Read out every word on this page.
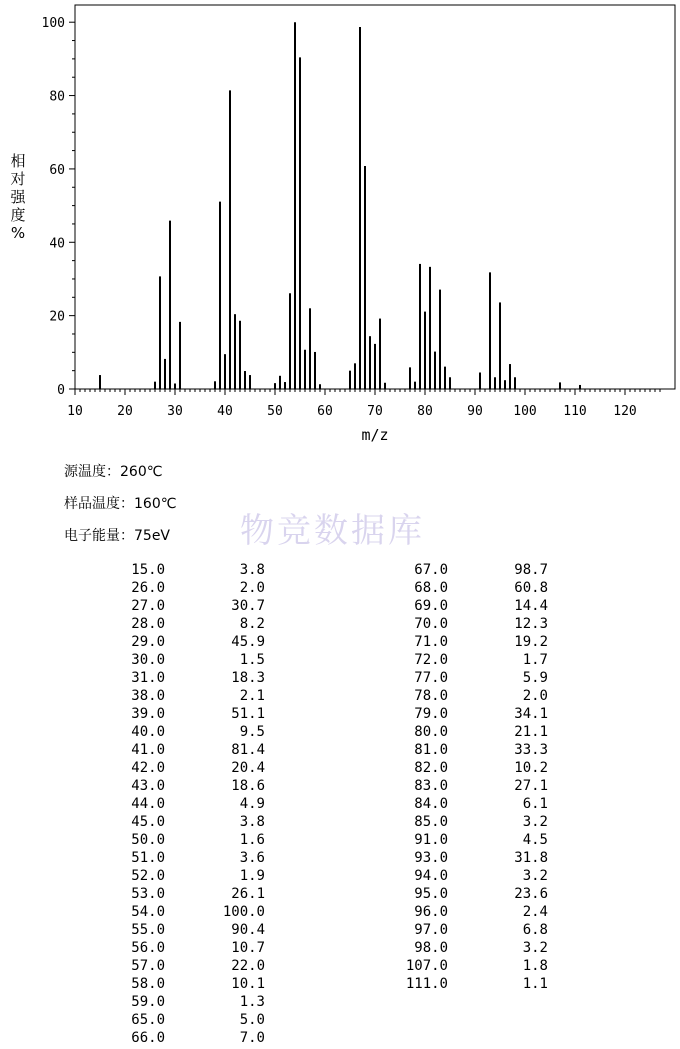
0
20
40
60
80
100
10	20	30	40	50	60	70	80	90 100 110 120
相
对
强
度
%
m/z
源温度：260℃
样品温度：160℃
电子能量：75eV 物竞数据库
15.0	3.8
26.0	2.0
27.0	30.7
28.0	8.2
29.0	45.9
30.0	1.5
31.0	18.3
38.0	2.1
39.0	51.1
40.0	9.5
41.0	81.4
42.0	20.4
43.0	18.6
44.0	4.9
45.0	3.8
50.0	1.6
51.0	3.6
52.0	1.9
53.0	26.1
54.0	100.0
55.0	90.4
56.0	10.7
57.0	22.0
58.0	10.1
59.0	1.3
65.0	5.0
66.0	7.0
67.0	98.7
68.0	60.8
69.0	14.4
70.0	12.3
71.0	19.2
72.0	1.7
77.0	5.9
78.0	2.0
79.0	34.1
80.0	21.1
81.0	33.3
82.0	10.2
83.0	27.1
84.0	6.1
85.0	3.2
91.0	4.5
93.0	31.8
94.0	3.2
95.0	23.6
96.0	2.4
97.0	6.8
98.0	3.2
107.0	1.8
111.0	1.1
